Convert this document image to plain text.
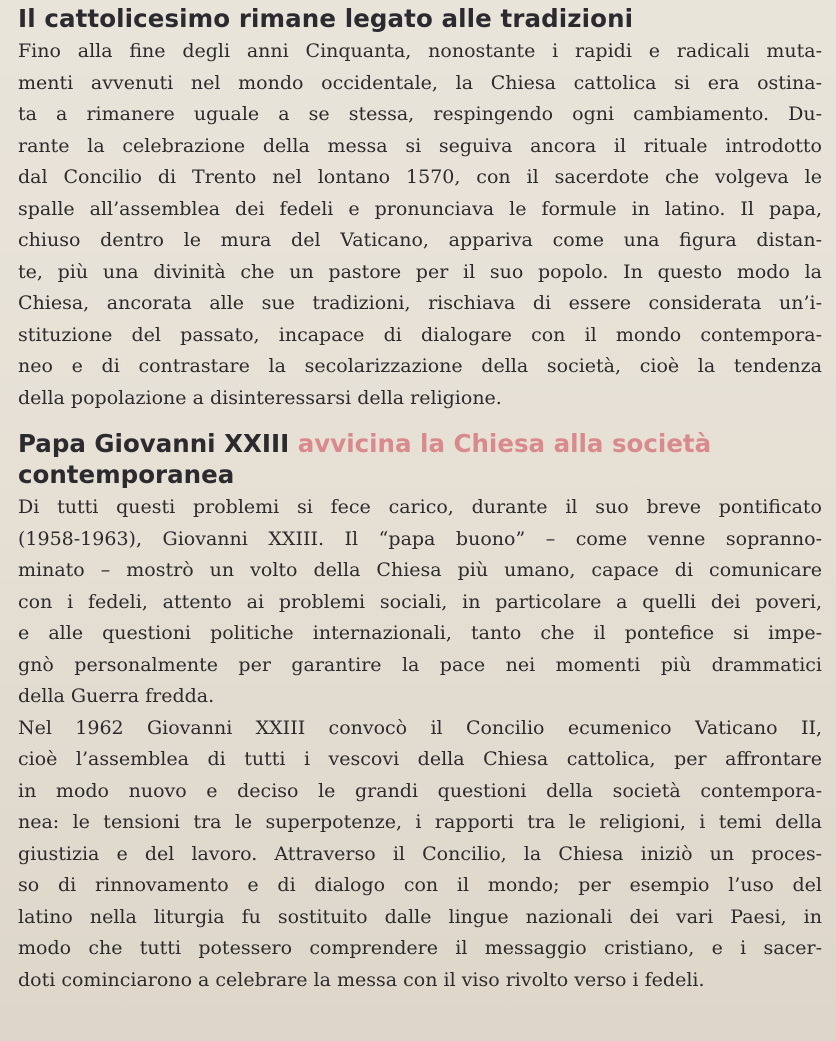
Il cattolicesimo rimane legato alle tradizioni
Fino alla fine degli anni Cinquanta, nonostante i rapidi e radicali muta-
menti avvenuti nel mondo occidentale, la Chiesa cattolica si era ostina-
ta a rimanere uguale a se stessa, respingendo ogni cambiamento. Du-
rante la celebrazione della messa si seguiva ancora il rituale introdotto
dal Concilio di Trento nel lontano 1570, con il sacerdote che volgeva le
spalle all’assemblea dei fedeli e pronunciava le formule in latino. Il papa,
chiuso dentro le mura del Vaticano, appariva come una figura distan-
te, più una divinità che un pastore per il suo popolo. In questo modo la
Chiesa, ancorata alle sue tradizioni, rischiava di essere considerata un’i-
stituzione del passato, incapace di dialogare con il mondo contempora-
neo e di contrastare la secolarizzazione della società, cioè la tendenza
della popolazione a disinteressarsi della religione.
Papa Giovanni XXIII avvicina la Chiesa alla società
contemporanea
Di tutti questi problemi si fece carico, durante il suo breve pontificato
(1958-1963), Giovanni XXIII. Il “papa buono” – come venne sopranno-
minato – mostrò un volto della Chiesa più umano, capace di comunicare
con i fedeli, attento ai problemi sociali, in particolare a quelli dei poveri,
e alle questioni politiche internazionali, tanto che il pontefice si impe-
gnò personalmente per garantire la pace nei momenti più drammatici
della Guerra fredda.
Nel 1962 Giovanni XXIII convocò il Concilio ecumenico Vaticano II,
cioè l’assemblea di tutti i vescovi della Chiesa cattolica, per affrontare
in modo nuovo e deciso le grandi questioni della società contempora-
nea: le tensioni tra le superpotenze, i rapporti tra le religioni, i temi della
giustizia e del lavoro. Attraverso il Concilio, la Chiesa iniziò un proces-
so di rinnovamento e di dialogo con il mondo; per esempio l’uso del
latino nella liturgia fu sostituito dalle lingue nazionali dei vari Paesi, in
modo che tutti potessero comprendere il messaggio cristiano, e i sacer-
doti cominciarono a celebrare la messa con il viso rivolto verso i fedeli.
